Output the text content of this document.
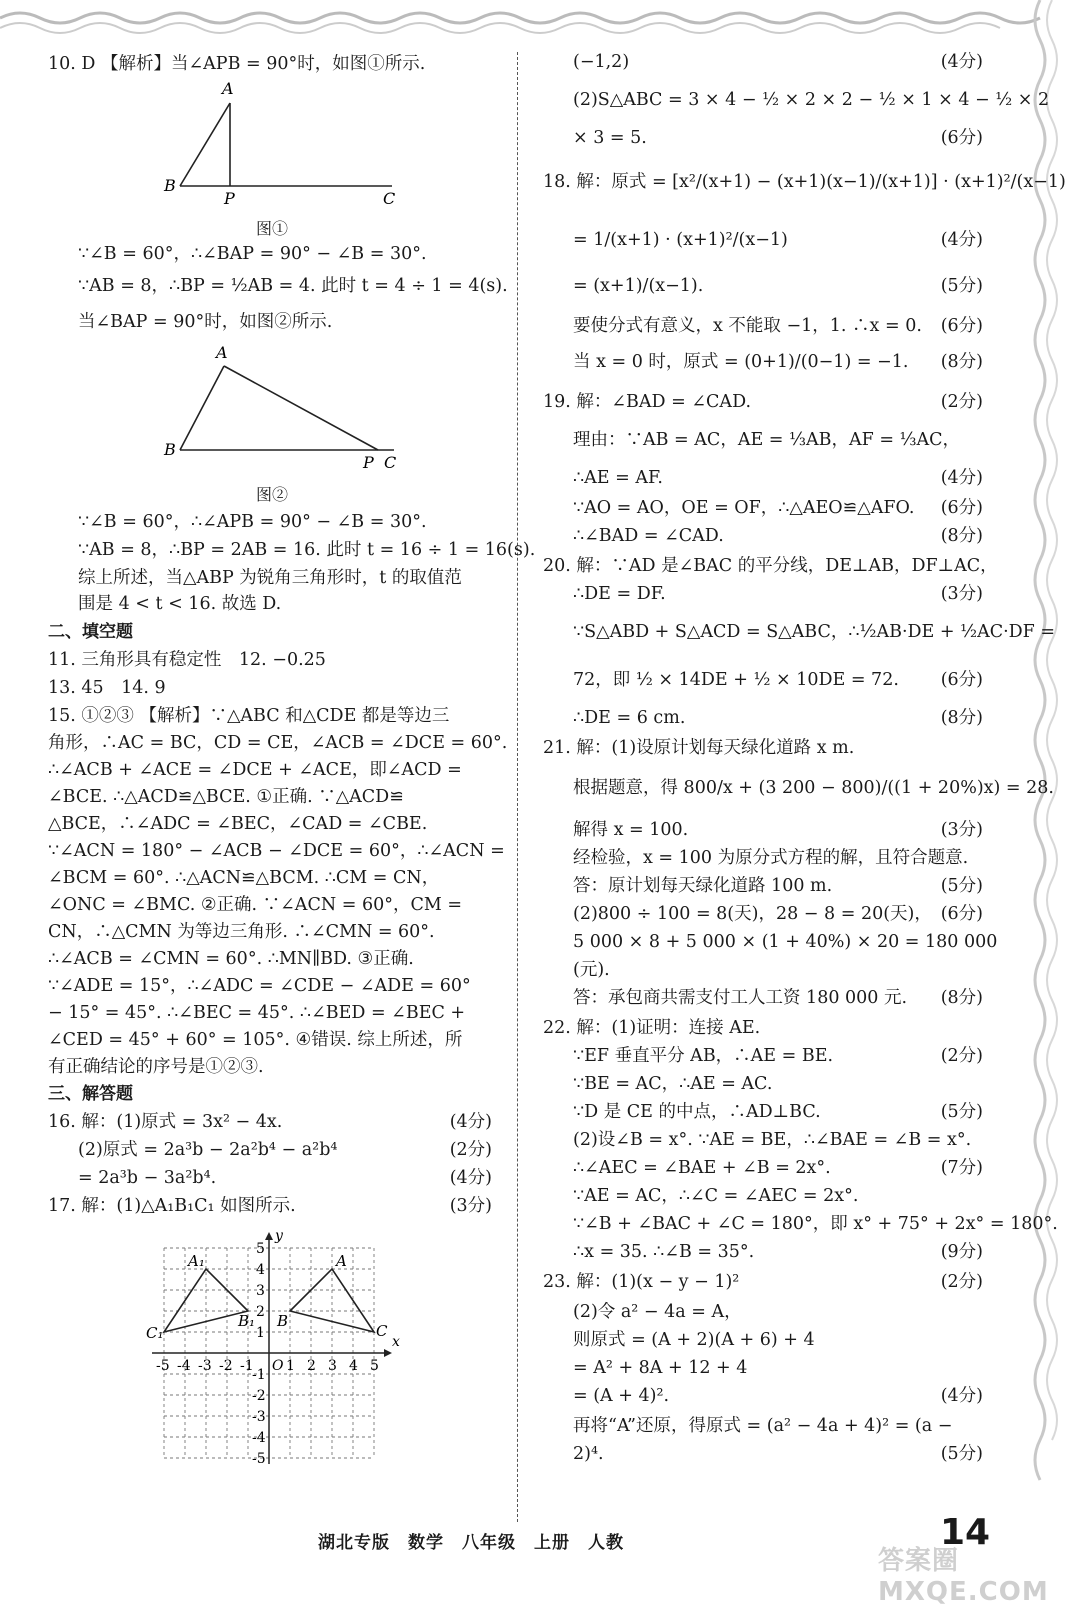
10. D 【解析】当∠APB = 90°时，如图①所示.
A
B
P	C
图①
∵∠B = 60°，∴∠BAP = 90° − ∠B = 30°.
∵AB = 8，∴BP = ½AB = 4. 此时 t = 4 ÷ 1 = 4(s).
当∠BAP = 90°时，如图②所示.
A
B
P C
图②
∵∠B = 60°，∴∠APB = 90° − ∠B = 30°.
∵AB = 8，∴BP = 2AB = 16. 此时 t = 16 ÷ 1 = 16(s).
综上所述，当△ABP 为锐角三角形时，t 的取值范
围是 4 < t < 16. 故选 D.
二、填空题
11. 三角形具有稳定性　12. −0.25
13. 45　14. 9
15. ①②③ 【解析】∵△ABC 和△CDE 都是等边三
角形，∴AC = BC，CD = CE，∠ACB = ∠DCE = 60°.
∴∠ACB + ∠ACE = ∠DCE + ∠ACE，即∠ACD =
∠BCE. ∴△ACD≌△BCE. ①正确. ∵△ACD≌
△BCE，∴∠ADC = ∠BEC，∠CAD = ∠CBE.
∵∠ACN = 180° − ∠ACB − ∠DCE = 60°，∴∠ACN =
∠BCM = 60°. ∴△ACN≌△BCM. ∴CM = CN，
∠ONC = ∠BMC. ②正确. ∵∠ACN = 60°，CM =
CN，∴△CMN 为等边三角形. ∴∠CMN = 60°.
∴∠ACB = ∠CMN = 60°. ∴MN∥BD. ③正确.
∵∠ADE = 15°，∴∠ADC = ∠CDE − ∠ADE = 60°
− 15° = 45°. ∴∠BEC = 45°. ∴∠BED = ∠BEC +
∠CED = 45° + 60° = 105°. ④错误. 综上所述，所
有正确结论的序号是①②③.
三、解答题
16. 解：(1)原式 = 3x² − 4x.	(4分)
(2)原式 = 2a³b − 2a²b⁴ − a²b⁴	(2分)
= 2a³b − 3a²b⁴.	(4分)
17. 解：(1)△A₁B₁C₁ 如图所示.	(3分)
x
y
O
-5 -4 -3 -2 -1 1 2 3 4 5
5
4
3
2
1
-1
-2
-3
-4
-5
A
B
C
A₁
B₁
C₁
(−1,2)	(4分)
(2)S△ABC = 3 × 4 − ½ × 2 × 2 − ½ × 1 × 4 − ½ × 2
× 3 = 5.	(6分)
18. 解：原式 = [x²/(x+1) − (x+1)(x−1)/(x+1)] · (x+1)²/(x−1)
= 1/(x+1) · (x+1)²/(x−1)	(4分)
= (x+1)/(x−1).	(5分)
要使分式有意义，x 不能取 −1，1. ∴x = 0. (6分)
当 x = 0 时，原式 = (0+1)/(0−1) = −1. (8分)
19. 解：∠BAD = ∠CAD.	(2分)
理由：∵AB = AC，AE = ⅓AB，AF = ⅓AC，
∴AE = AF.	(4分)
∵AO = AO，OE = OF，∴△AEO≌△AFO. (6分)
∴∠BAD = ∠CAD.	(8分)
20. 解：∵AD 是∠BAC 的平分线，DE⊥AB，DF⊥AC，
∴DE = DF.	(3分)
∵S△ABD + S△ACD = S△ABC，∴½AB·DE + ½AC·DF =
72，即 ½ × 14DE + ½ × 10DE = 72. (6分)
∴DE = 6 cm.	(8分)
21. 解：(1)设原计划每天绿化道路 x m.
根据题意，得 800/x + (3 200 − 800)/((1 + 20%)x) = 28.
解得 x = 100.	(3分)
经检验，x = 100 为原分式方程的解，且符合题意.
答：原计划每天绿化道路 100 m.	(5分)
(2)800 ÷ 100 = 8(天)，28 − 8 = 20(天)， (6分)
5 000 × 8 + 5 000 × (1 + 40%) × 20 = 180 000
(元).
答：承包商共需支付工人工资 180 000 元. (8分)
22. 解：(1)证明：连接 AE.
∵EF 垂直平分 AB，∴AE = BE.	(2分)
∵BE = AC，∴AE = AC.
∵D 是 CE 的中点，∴AD⊥BC.	(5分)
(2)设∠B = x°. ∵AE = BE，∴∠BAE = ∠B = x°.
∴∠AEC = ∠BAE + ∠B = 2x°.	(7分)
∵AE = AC，∴∠C = ∠AEC = 2x°.
∵∠B + ∠BAC + ∠C = 180°，即 x° + 75° + 2x° = 180°.
∴x = 35. ∴∠B = 35°.	(9分)
23. 解：(1)(x − y − 1)²	(2分)
(2)令 a² − 4a = A，
则原式 = (A + 2)(A + 6) + 4
= A² + 8A + 12 + 4
= (A + 4)².	(4分)
再将“A”还原，得原式 = (a² − 4a + 4)² = (a −
2)⁴.	(5分)
湖北专版　数学　八年级　上册　人教	14
答案圈 MXQE.COM
